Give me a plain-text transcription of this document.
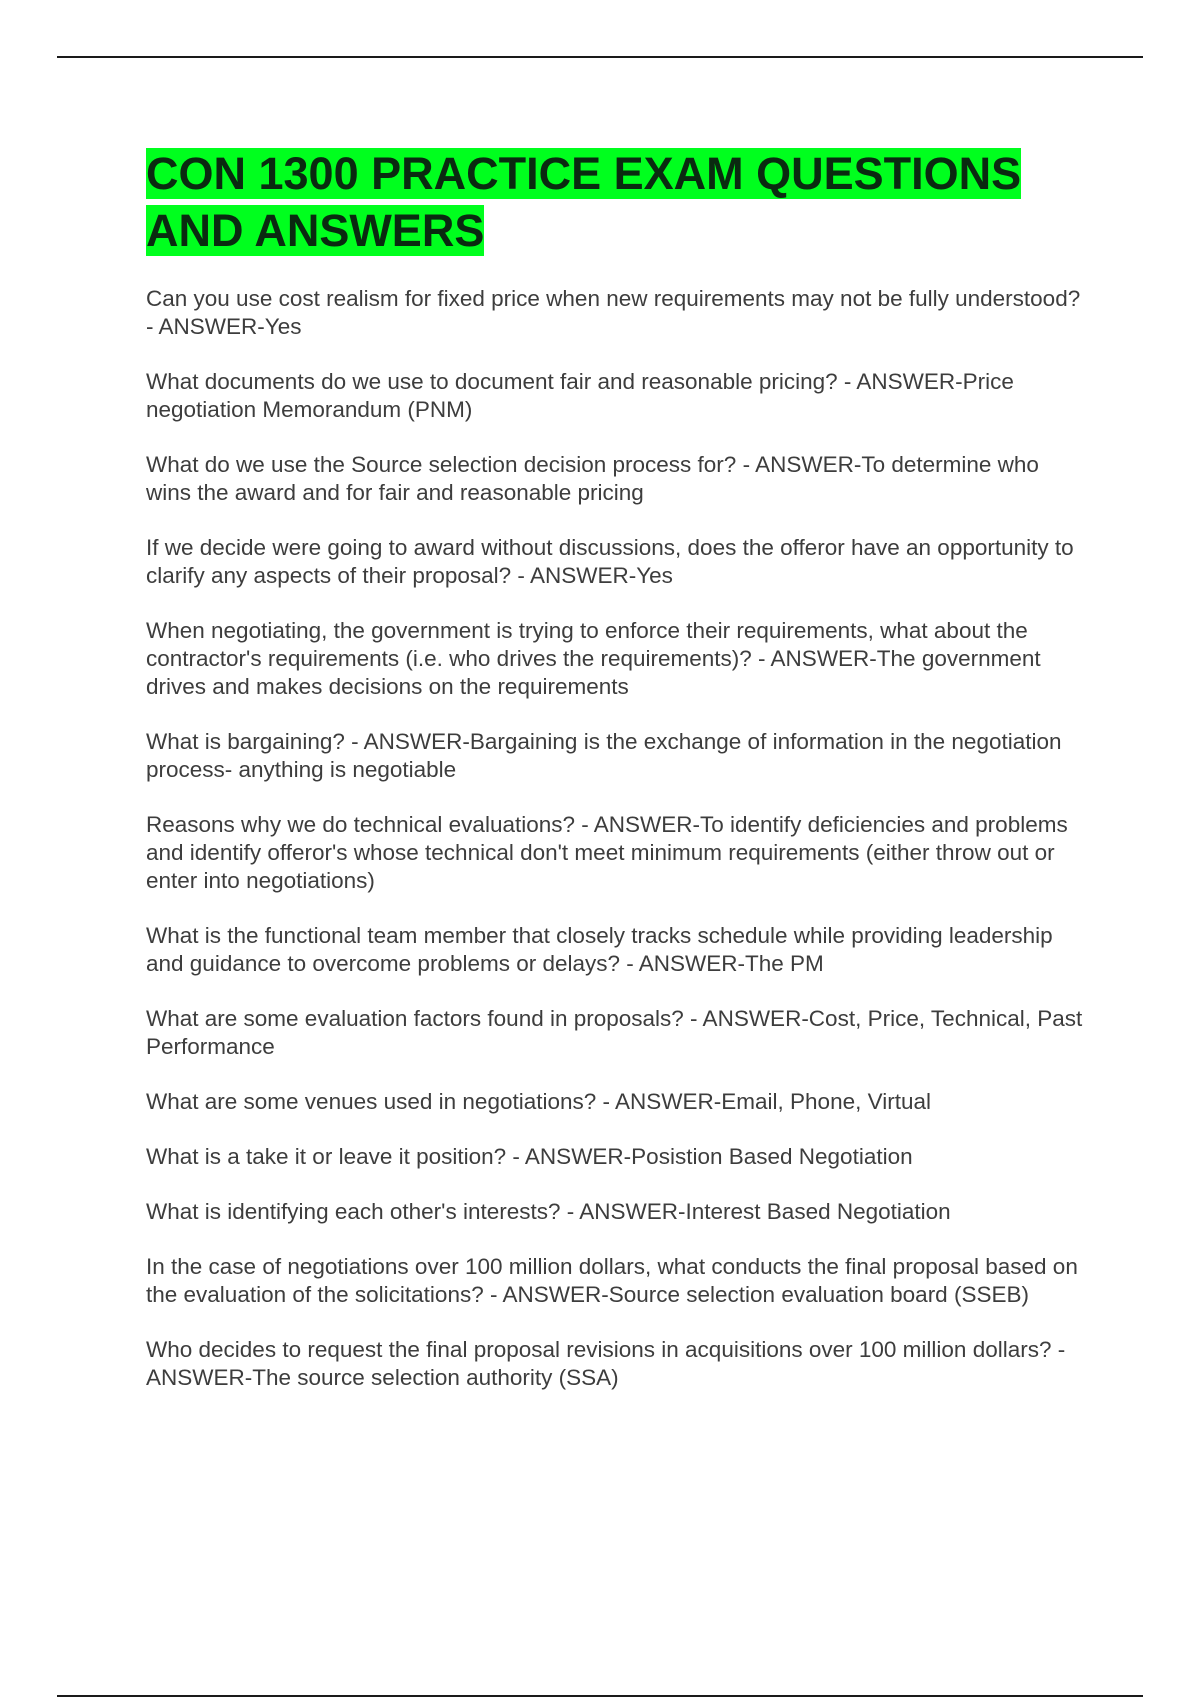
CON 1300 PRACTICE EXAM QUESTIONS AND ANSWERS

Can you use cost realism for fixed price when new requirements may not be fully understood? - ANSWER-Yes

What documents do we use to document fair and reasonable pricing? - ANSWER-Price negotiation Memorandum (PNM)

What do we use the Source selection decision process for? - ANSWER-To determine who wins the award and for fair and reasonable pricing

If we decide were going to award without discussions, does the offeror have an opportunity to clarify any aspects of their proposal? - ANSWER-Yes

When negotiating, the government is trying to enforce their requirements, what about the contractor's requirements (i.e. who drives the requirements)? - ANSWER-The government drives and makes decisions on the requirements

What is bargaining? - ANSWER-Bargaining is the exchange of information in the negotiation process- anything is negotiable

Reasons why we do technical evaluations? - ANSWER-To identify deficiencies and problems and identify offeror's whose technical don't meet minimum requirements (either throw out or enter into negotiations)

What is the functional team member that closely tracks schedule while providing leadership and guidance to overcome problems or delays? - ANSWER-The PM

What are some evaluation factors found in proposals? - ANSWER-Cost, Price, Technical, Past Performance

What are some venues used in negotiations? - ANSWER-Email, Phone, Virtual

What is a take it or leave it position? - ANSWER-Posistion Based Negotiation

What is identifying each other's interests? - ANSWER-Interest Based Negotiation

In the case of negotiations over 100 million dollars, what conducts the final proposal based on the evaluation of the solicitations? - ANSWER-Source selection evaluation board (SSEB)

Who decides to request the final proposal revisions in acquisitions over 100 million dollars? - ANSWER-The source selection authority (SSA)
